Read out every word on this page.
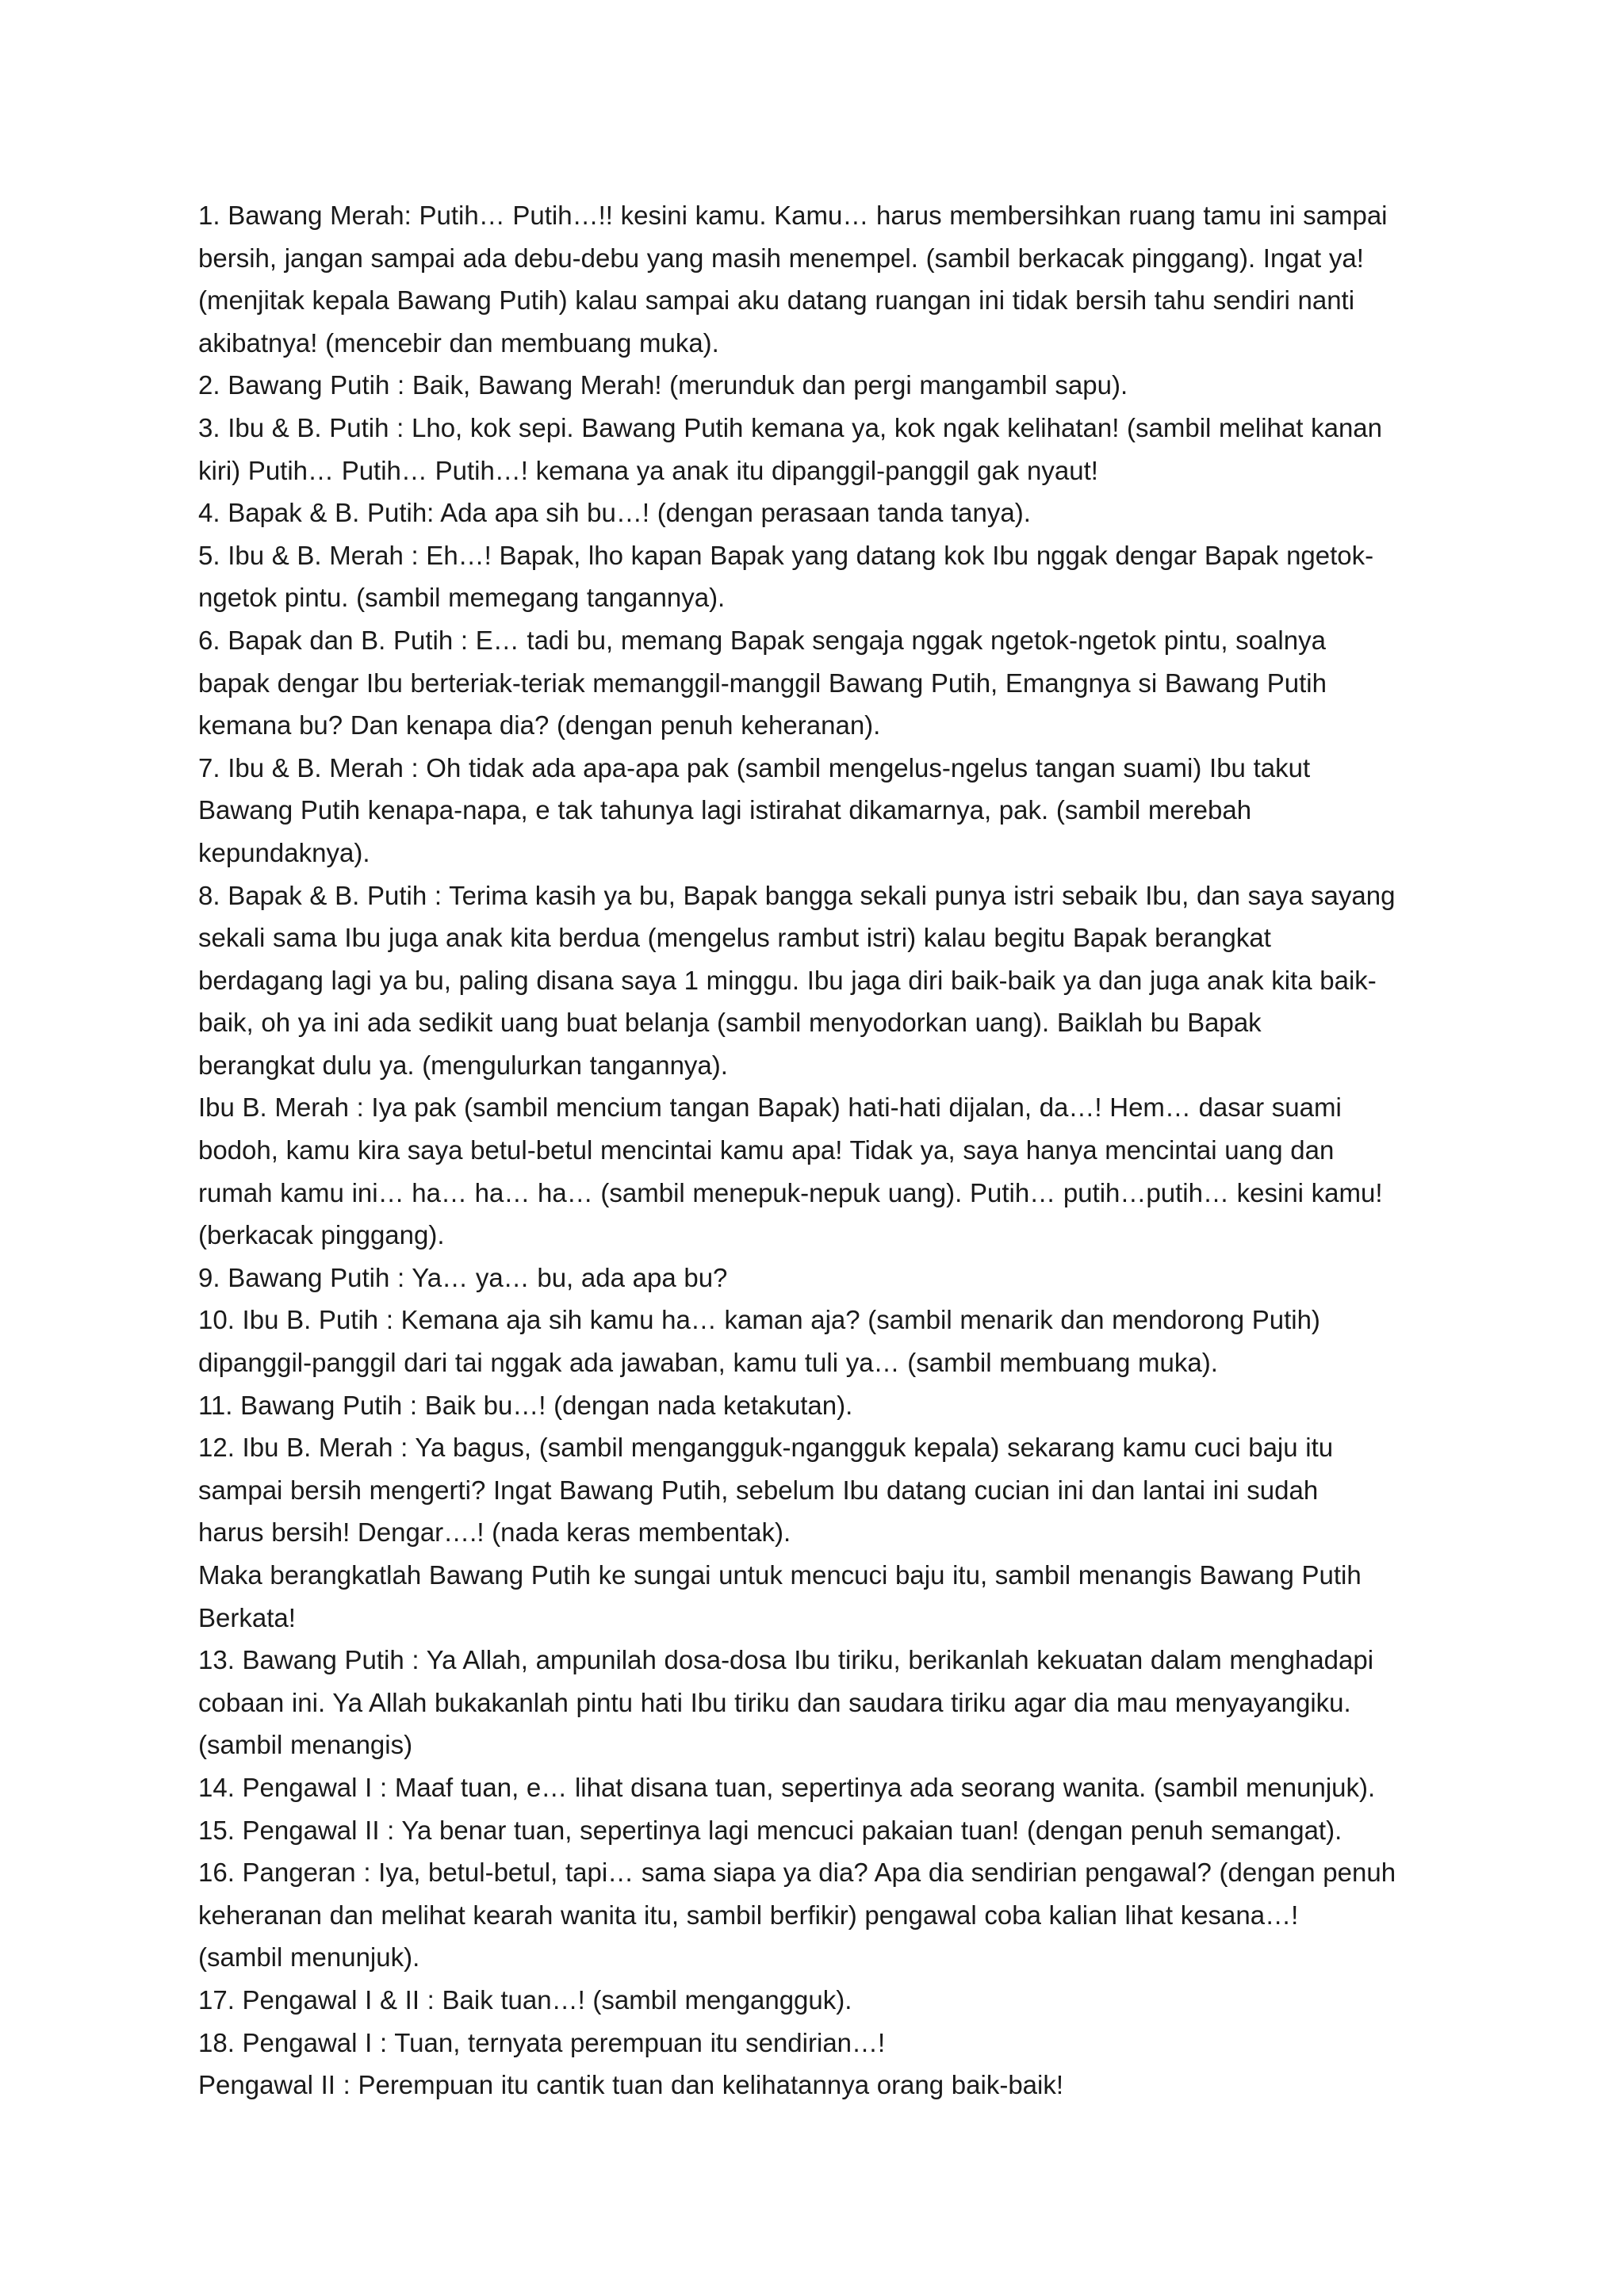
1. Bawang Merah: Putih… Putih…!! kesini kamu. Kamu… harus membersihkan ruang tamu ini sampai
bersih, jangan sampai ada debu-debu yang masih menempel. (sambil berkacak pinggang). Ingat ya!
(menjitak kepala Bawang Putih) kalau sampai aku datang ruangan ini tidak bersih tahu sendiri nanti
akibatnya! (mencebir dan membuang muka).
2. Bawang Putih : Baik, Bawang Merah! (merunduk dan pergi mangambil sapu).
3. Ibu & B. Putih : Lho, kok sepi. Bawang Putih kemana ya, kok ngak kelihatan! (sambil melihat kanan
kiri) Putih… Putih… Putih…! kemana ya anak itu dipanggil-panggil gak nyaut!
4. Bapak & B. Putih: Ada apa sih bu…! (dengan perasaan tanda tanya).
5. Ibu & B. Merah : Eh…! Bapak, lho kapan Bapak yang datang kok Ibu nggak dengar Bapak ngetok-
ngetok pintu. (sambil memegang tangannya).
6. Bapak dan B. Putih : E… tadi bu, memang Bapak sengaja nggak ngetok-ngetok pintu, soalnya
bapak dengar Ibu berteriak-teriak memanggil-manggil Bawang Putih, Emangnya si Bawang Putih
kemana bu? Dan kenapa dia? (dengan penuh keheranan).
7. Ibu & B. Merah : Oh tidak ada apa-apa pak (sambil mengelus-ngelus tangan suami) Ibu takut
Bawang Putih kenapa-napa, e tak tahunya lagi istirahat dikamarnya, pak. (sambil merebah
kepundaknya).
8. Bapak & B. Putih : Terima kasih ya bu, Bapak bangga sekali punya istri sebaik Ibu, dan saya sayang
sekali sama Ibu juga anak kita berdua (mengelus rambut istri) kalau begitu Bapak berangkat
berdagang lagi ya bu, paling disana saya 1 minggu. Ibu jaga diri baik-baik ya dan juga anak kita baik-
baik, oh ya ini ada sedikit uang buat belanja (sambil menyodorkan uang). Baiklah bu Bapak
berangkat dulu ya. (mengulurkan tangannya).
Ibu B. Merah : Iya pak (sambil mencium tangan Bapak) hati-hati dijalan, da…! Hem… dasar suami
bodoh, kamu kira saya betul-betul mencintai kamu apa! Tidak ya, saya hanya mencintai uang dan
rumah kamu ini… ha… ha… ha… (sambil menepuk-nepuk uang). Putih… putih…putih… kesini kamu!
(berkacak pinggang).
9. Bawang Putih : Ya… ya… bu, ada apa bu?
10. Ibu B. Putih : Kemana aja sih kamu ha… kaman aja? (sambil menarik dan mendorong Putih)
dipanggil-panggil dari tai nggak ada jawaban, kamu tuli ya… (sambil membuang muka).
11. Bawang Putih : Baik bu…! (dengan nada ketakutan).
12. Ibu B. Merah : Ya bagus, (sambil mengangguk-ngangguk kepala) sekarang kamu cuci baju itu
sampai bersih mengerti? Ingat Bawang Putih, sebelum Ibu datang cucian ini dan lantai ini sudah
harus bersih! Dengar….! (nada keras membentak).
Maka berangkatlah Bawang Putih ke sungai untuk mencuci baju itu, sambil menangis Bawang Putih
Berkata!
13. Bawang Putih : Ya Allah, ampunilah dosa-dosa Ibu tiriku, berikanlah kekuatan dalam menghadapi
cobaan ini. Ya Allah bukakanlah pintu hati Ibu tiriku dan saudara tiriku agar dia mau menyayangiku.
(sambil menangis)
14. Pengawal I : Maaf tuan, e… lihat disana tuan, sepertinya ada seorang wanita. (sambil menunjuk).
15. Pengawal II : Ya benar tuan, sepertinya lagi mencuci pakaian tuan! (dengan penuh semangat).
16. Pangeran : Iya, betul-betul, tapi… sama siapa ya dia? Apa dia sendirian pengawal? (dengan penuh
keheranan dan melihat kearah wanita itu, sambil berfikir) pengawal coba kalian lihat kesana…!
(sambil menunjuk).
17. Pengawal I & II : Baik tuan…! (sambil mengangguk).
18. Pengawal I : Tuan, ternyata perempuan itu sendirian…!
Pengawal II : Perempuan itu cantik tuan dan kelihatannya orang baik-baik!
